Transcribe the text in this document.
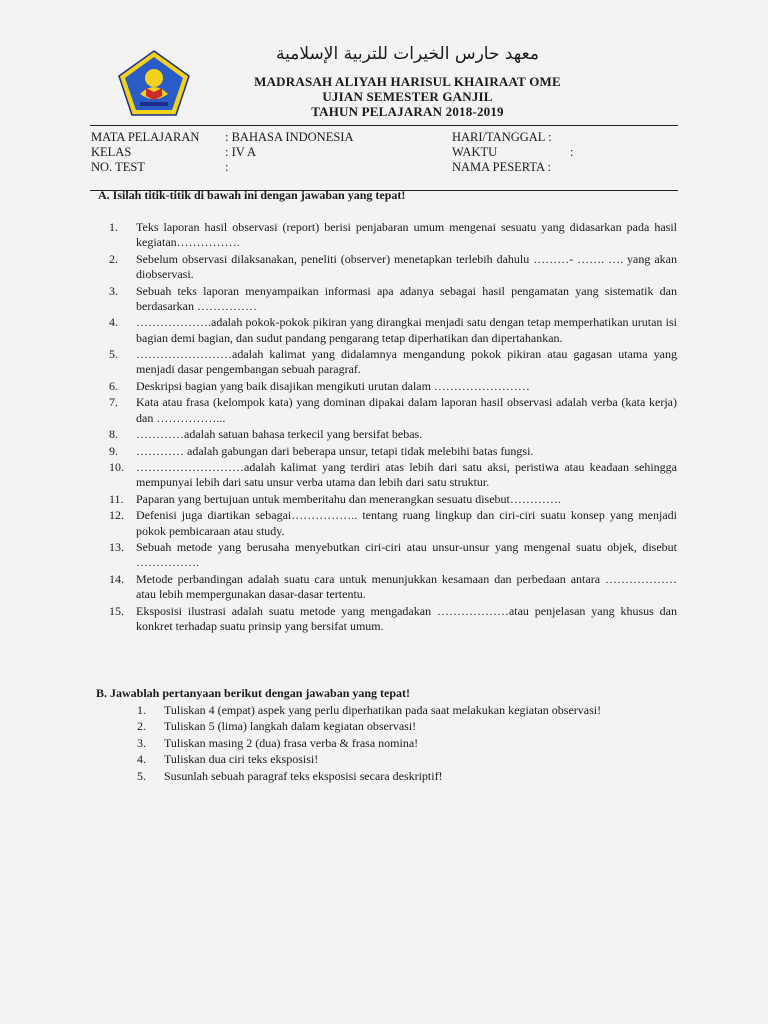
معهد حارس الخيرات للتربية الإسلامية
MADRASAH ALIYAH HARISUL KHAIRAAT OME
UJIAN SEMESTER GANJIL
TAHUN PELAJARAN 2018-2019
MATA PELAJARAN : BAHASA INDONESIA	HARI/TANGGAL :
KELAS	: IV A	WAKTU	:
NO. TEST	:	NAMA PESERTA :
A. Isilah titik-titik di bawah ini dengan jawaban yang tepat!
1.	Teks laporan hasil observasi (report) berisi penjabaran umum mengenai sesuatu yang didasarkan pada hasil kegiatan…………….
2.	Sebelum observasi dilaksanakan, peneliti (observer) menetapkan terlebih dahulu ………- ……. …. yang akan diobservasi.
3.	Sebuah teks laporan menyampaikan informasi apa adanya sebagai hasil pengamatan yang sistematik dan berdasarkan ……………
4.	……………….adalah pokok-pokok pikiran yang dirangkai menjadi satu dengan tetap memperhatikan urutan isi bagian demi bagian, dan sudut pandang pengarang tetap diperhatikan dan dipertahankan.
5.	……………………adalah kalimat yang didalamnya mengandung pokok pikiran atau gagasan utama yang menjadi dasar pengembangan sebuah paragraf.
6.	Deskripsi bagian yang baik disajikan mengikuti urutan dalam ……………………
7.	Kata atau frasa (kelompok kata) yang dominan dipakai dalam laporan hasil observasi adalah verba (kata kerja) dan ……………...
8.	…………adalah satuan bahasa terkecil yang bersifat bebas.
9.	………… adalah gabungan dari beberapa unsur, tetapi tidak melebihi batas fungsi.
10.	………………………adalah kalimat yang terdiri atas lebih dari satu aksi, peristiwa atau keadaan sehingga mempunyai lebih dari satu unsur verba utama dan lebih dari satu struktur.
11.	Paparan yang bertujuan untuk memberitahu dan menerangkan sesuatu disebut………….
12.	Defenisi juga diartikan sebagai…………….. tentang ruang lingkup dan ciri-ciri suatu konsep yang menjadi pokok pembicaraan atau study.
13.	Sebuah metode yang berusaha menyebutkan ciri-ciri atau unsur-unsur yang mengenal suatu objek, disebut …………….
14.	Metode perbandingan adalah suatu cara untuk menunjukkan kesamaan dan perbedaan antara ……………… atau lebih mempergunakan dasar-dasar tertentu.
15.	Eksposisi ilustrasi adalah suatu metode yang mengadakan ………………atau penjelasan yang khusus dan konkret terhadap suatu prinsip yang bersifat umum.
B. Jawablah pertanyaan berikut dengan jawaban yang tepat!
1.	Tuliskan 4 (empat) aspek yang perlu diperhatikan pada saat melakukan kegiatan observasi!
2.	Tuliskan 5 (lima) langkah dalam kegiatan observasi!
3.	Tuliskan masing 2 (dua) frasa verba & frasa nomina!
4.	Tuliskan dua ciri teks eksposisi!
5.	Susunlah sebuah paragraf teks eksposisi secara deskriptif!
